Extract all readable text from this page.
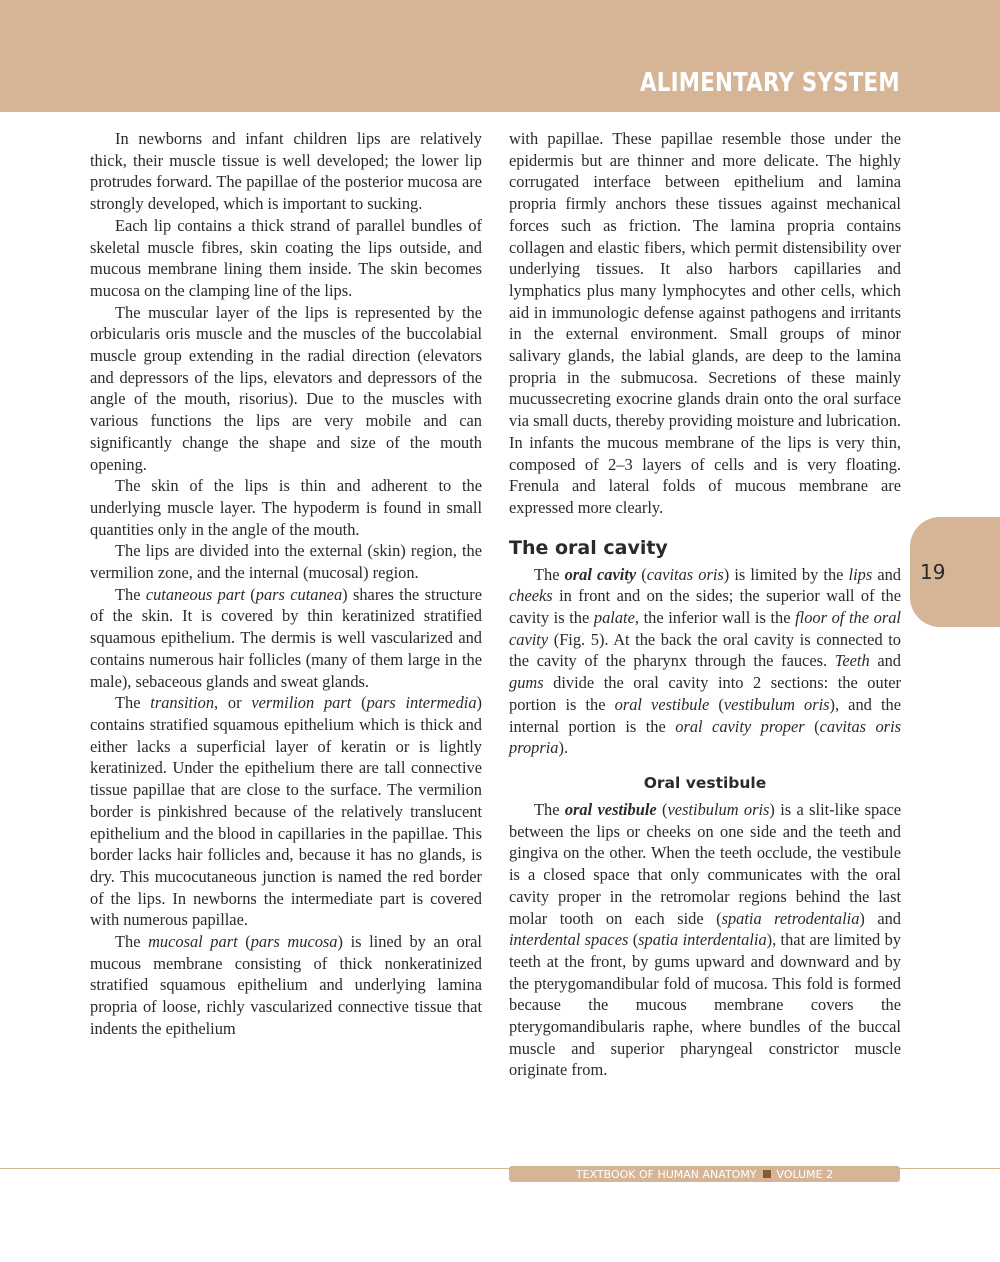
ALIMENTARY SYSTEM

In newborns and infant children lips are relatively thick, their muscle tissue is well developed; the lower lip protrudes forward. The papillae of the posterior mucosa are strongly developed, which is important to sucking.

Each lip contains a thick strand of parallel bundles of skeletal muscle fibres, skin coating the lips outside, and mucous membrane lining them inside. The skin becomes mucosa on the clamping line of the lips.

The muscular layer of the lips is represented by the orbicularis oris muscle and the muscles of the buccolabial muscle group extending in the radial direction (elevators and depressors of the lips, elevators and depressors of the angle of the mouth, risorius). Due to the muscles with various functions the lips are very mobile and can significantly change the shape and size of the mouth opening.

The skin of the lips is thin and adherent to the underlying muscle layer. The hypoderm is found in small quantities only in the angle of the mouth.

The lips are divided into the external (skin) region, the vermilion zone, and the internal (mucosal) region.

The cutaneous part (pars cutanea) shares the structure of the skin. It is covered by thin keratinized stratified squamous epithelium. The dermis is well vascularized and contains numerous hair follicles (many of them large in the male), sebaceous glands and sweat glands.

The transition, or vermilion part (pars intermedia) contains stratified squamous epithelium which is thick and either lacks a superficial layer of keratin or is lightly keratinized. Under the epithelium there are tall connective tissue papillae that are close to the surface. The vermilion border is pinkishred because of the relatively translucent epithelium and the blood in capillaries in the papillae. This border lacks hair follicles and, because it has no glands, is dry. This mucocutaneous junction is named the red border of the lips. In newborns the intermediate part is covered with numerous papillae.

The mucosal part (pars mucosa) is lined by an oral mucous membrane consisting of thick nonkeratinized stratified squamous epithelium and underlying lamina propria of loose, richly vascularized connective tissue that indents the epithelium

with papillae. These papillae resemble those under the epidermis but are thinner and more delicate. The highly corrugated interface between epithelium and lamina propria firmly anchors these tissues against mechanical forces such as friction. The lamina propria contains collagen and elastic fibers, which permit distensibility over underlying tissues. It also harbors capillaries and lymphatics plus many lymphocytes and other cells, which aid in immunologic defense against pathogens and irritants in the external environment. Small groups of minor salivary glands, the labial glands, are deep to the lamina propria in the submucosa. Secretions of these mainly mucussecreting exocrine glands drain onto the oral surface via small ducts, thereby providing moisture and lubrication. In infants the mucous membrane of the lips is very thin, composed of 2–3 layers of cells and is very floating. Frenula and lateral folds of mucous membrane are expressed more clearly.

The oral cavity

The oral cavity (cavitas oris) is limited by the lips and cheeks in front and on the sides; the superior wall of the cavity is the palate, the inferior wall is the floor of the oral cavity (Fig. 5). At the back the oral cavity is connected to the cavity of the pharynx through the fauces. Teeth and gums divide the oral cavity into 2 sections: the outer portion is the oral vestibule (vestibulum oris), and the internal portion is the oral cavity proper (cavitas oris propria).

Oral vestibule

The oral vestibule (vestibulum oris) is a slit-like space between the lips or cheeks on one side and the teeth and gingiva on the other. When the teeth occlude, the vestibule is a closed space that only communicates with the oral cavity proper in the retromolar regions behind the last molar tooth on each side (spatia retrodentalia) and interdental spaces (spatia interdentalia), that are limited by teeth at the front, by gums upward and downward and by the pterygomandibular fold of mucosa. This fold is formed because the mucous membrane covers the pterygomandibularis raphe, where bundles of the buccal muscle and superior pharyngeal constrictor muscle originate from.

19
TEXTBOOK OF HUMAN ANATOMY VOLUME 2
